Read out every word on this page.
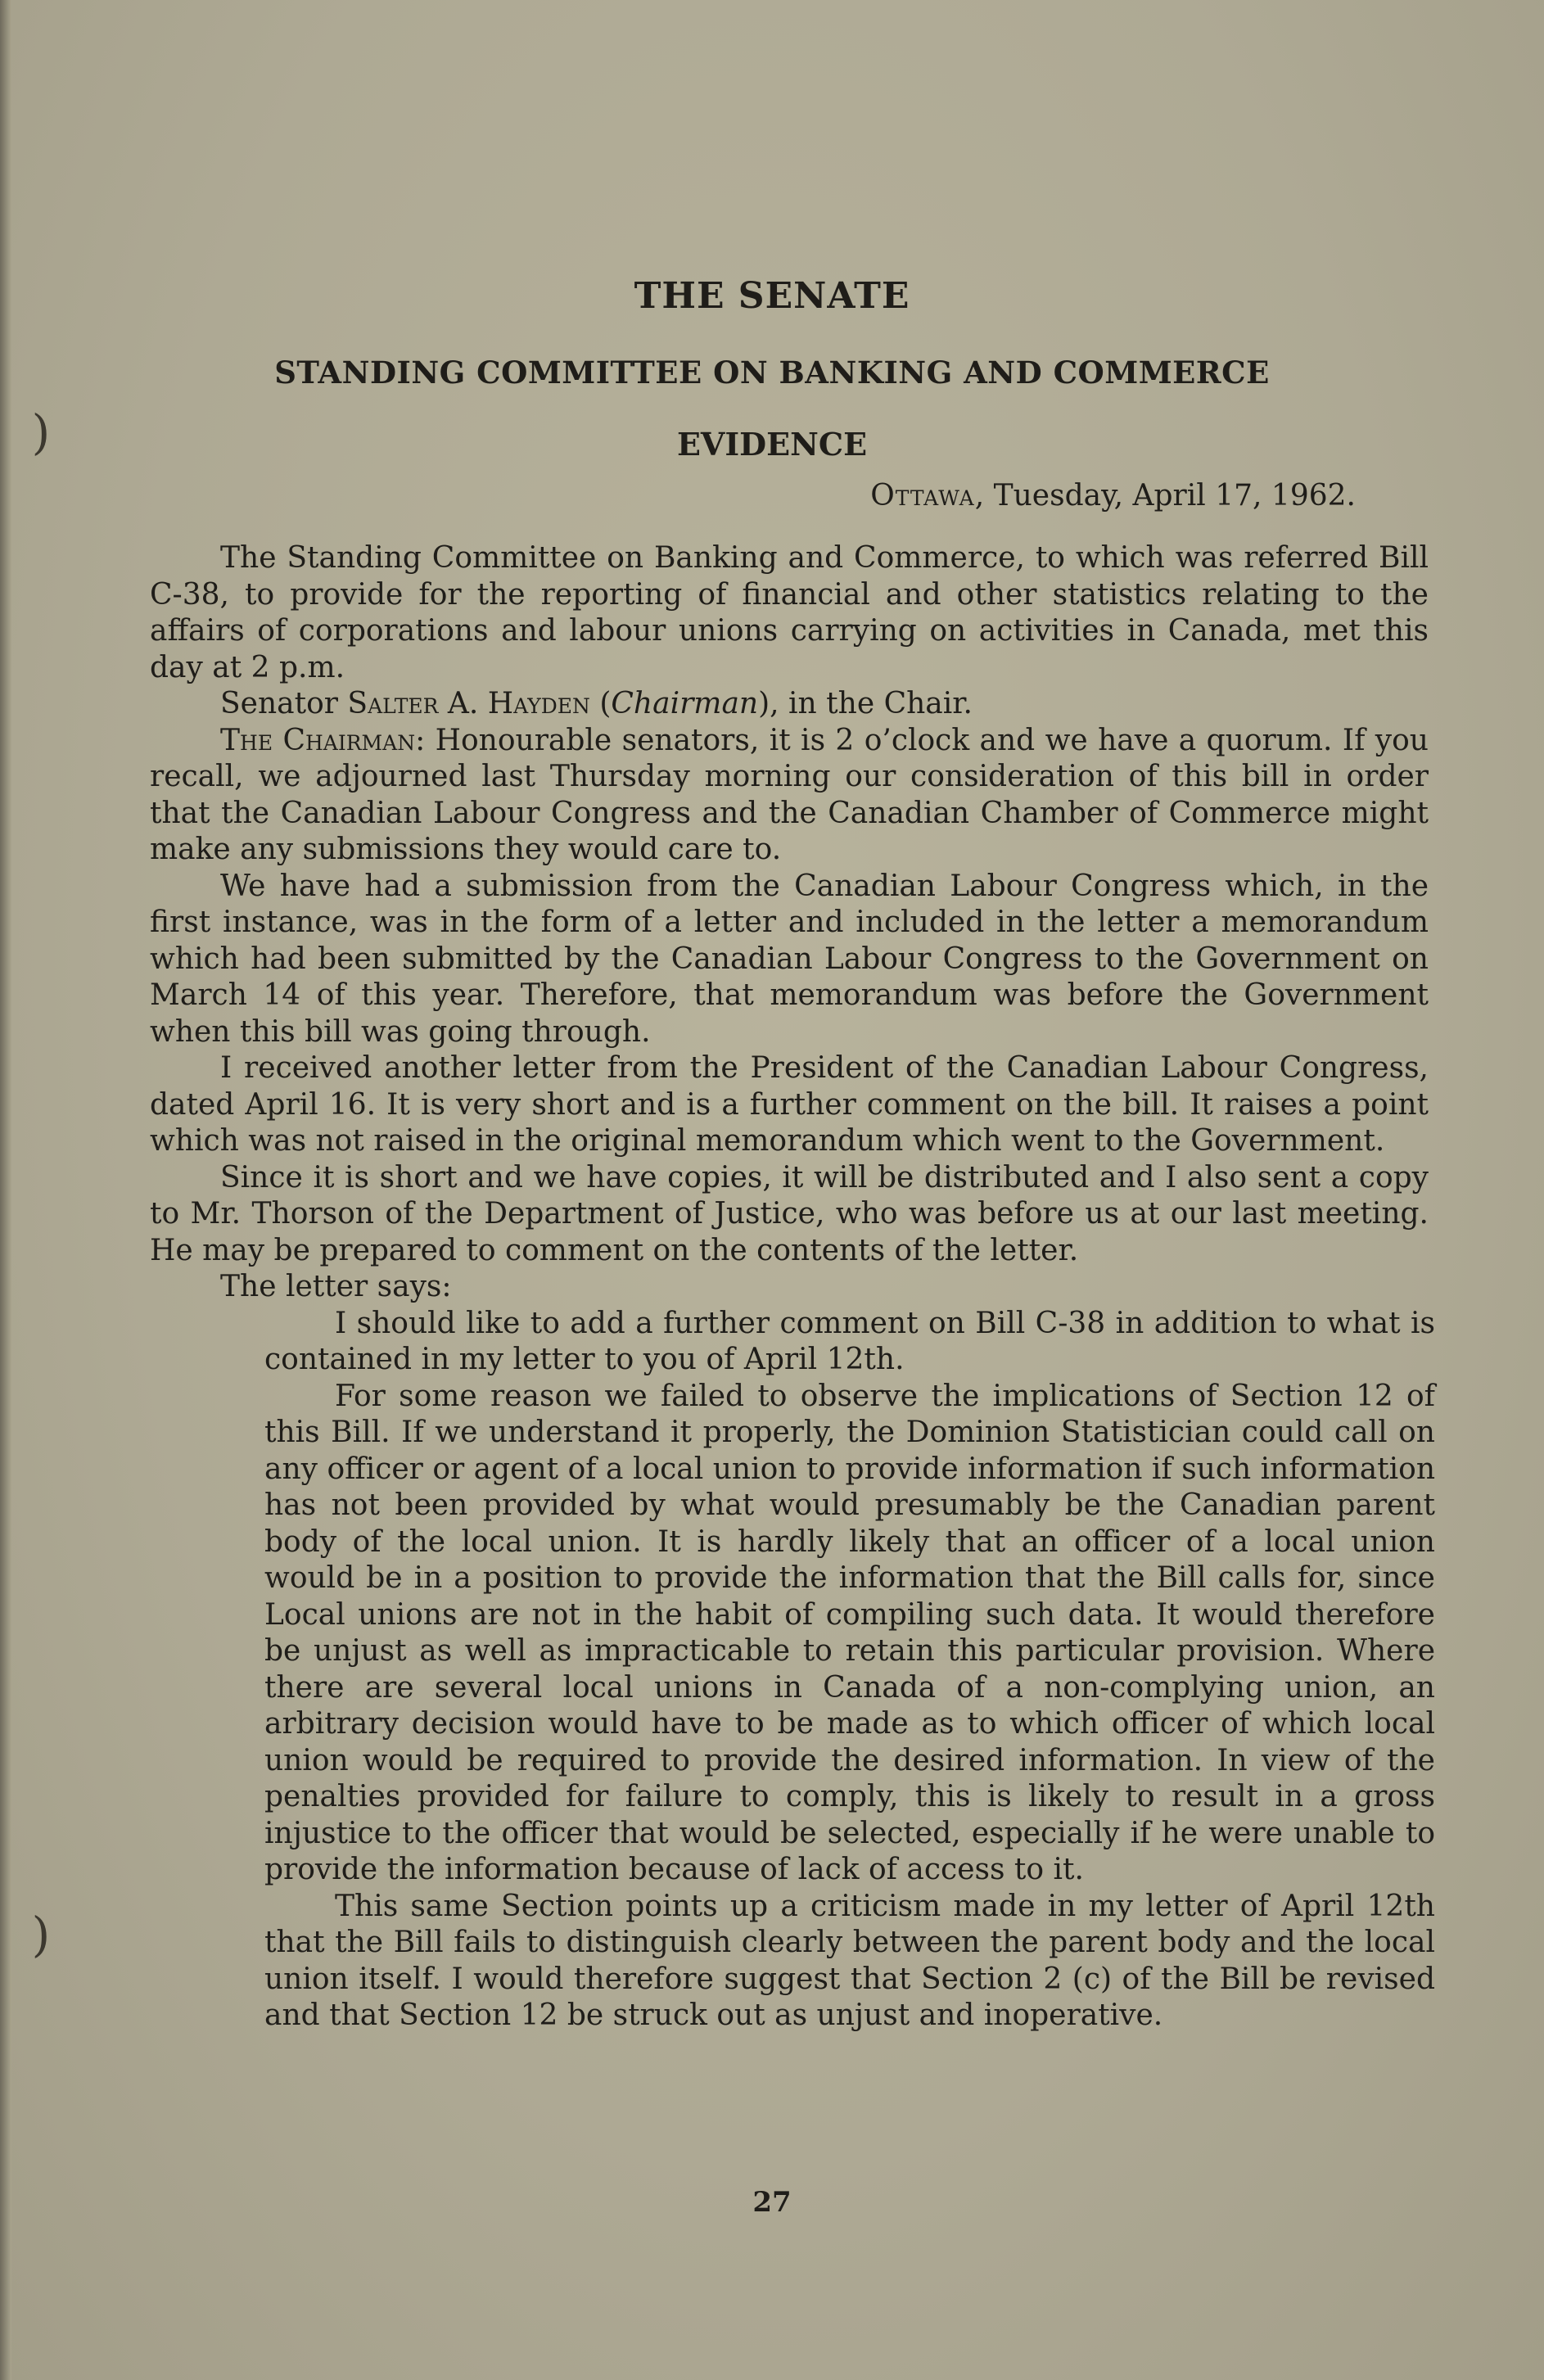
)
)
THE SENATE
STANDING COMMITTEE ON BANKING AND COMMERCE
EVIDENCE
Ottawa, Tuesday, April 17, 1962.

The Standing Committee on Banking and Commerce, to which was referred Bill C-38, to provide for the reporting of financial and other statistics relating to the affairs of corporations and labour unions carrying on activities in Canada, met this day at 2 p.m.

Senator Salter A. Hayden (Chairman), in the Chair.

The Chairman: Honourable senators, it is 2 o’clock and we have a quorum. If you recall, we adjourned last Thursday morning our consideration of this bill in order that the Canadian Labour Congress and the Canadian Chamber of Commerce might make any submissions they would care to.

We have had a submission from the Canadian Labour Congress which, in the first instance, was in the form of a letter and included in the letter a memorandum which had been submitted by the Canadian Labour Congress to the Government on March 14 of this year. Therefore, that memorandum was before the Government when this bill was going through.

I received another letter from the President of the Canadian Labour Congress, dated April 16. It is very short and is a further comment on the bill. It raises a point which was not raised in the original memorandum which went to the Government.

Since it is short and we have copies, it will be distributed and I also sent a copy to Mr. Thorson of the Department of Justice, who was before us at our last meeting. He may be prepared to comment on the contents of the letter.

The letter says:

I should like to add a further comment on Bill C-38 in addition to what is contained in my letter to you of April 12th.

For some reason we failed to observe the implications of Section 12 of this Bill. If we understand it properly, the Dominion Statistician could call on any officer or agent of a local union to provide information if such information has not been provided by what would presumably be the Canadian parent body of the local union. It is hardly likely that an officer of a local union would be in a position to provide the information that the Bill calls for, since Local unions are not in the habit of compiling such data. It would therefore be unjust as well as impracticable to retain this particular provision. Where there are several local unions in Canada of a non-complying union, an arbitrary decision would have to be made as to which officer of which local union would be required to provide the desired information. In view of the penalties provided for failure to comply, this is likely to result in a gross injustice to the officer that would be selected, especially if he were unable to provide the information because of lack of access to it.

This same Section points up a criticism made in my letter of April 12th that the Bill fails to distinguish clearly between the parent body and the local union itself. I would therefore suggest that Section 2 (c) of the Bill be revised and that Section 12 be struck out as unjust and inoperative.

27
